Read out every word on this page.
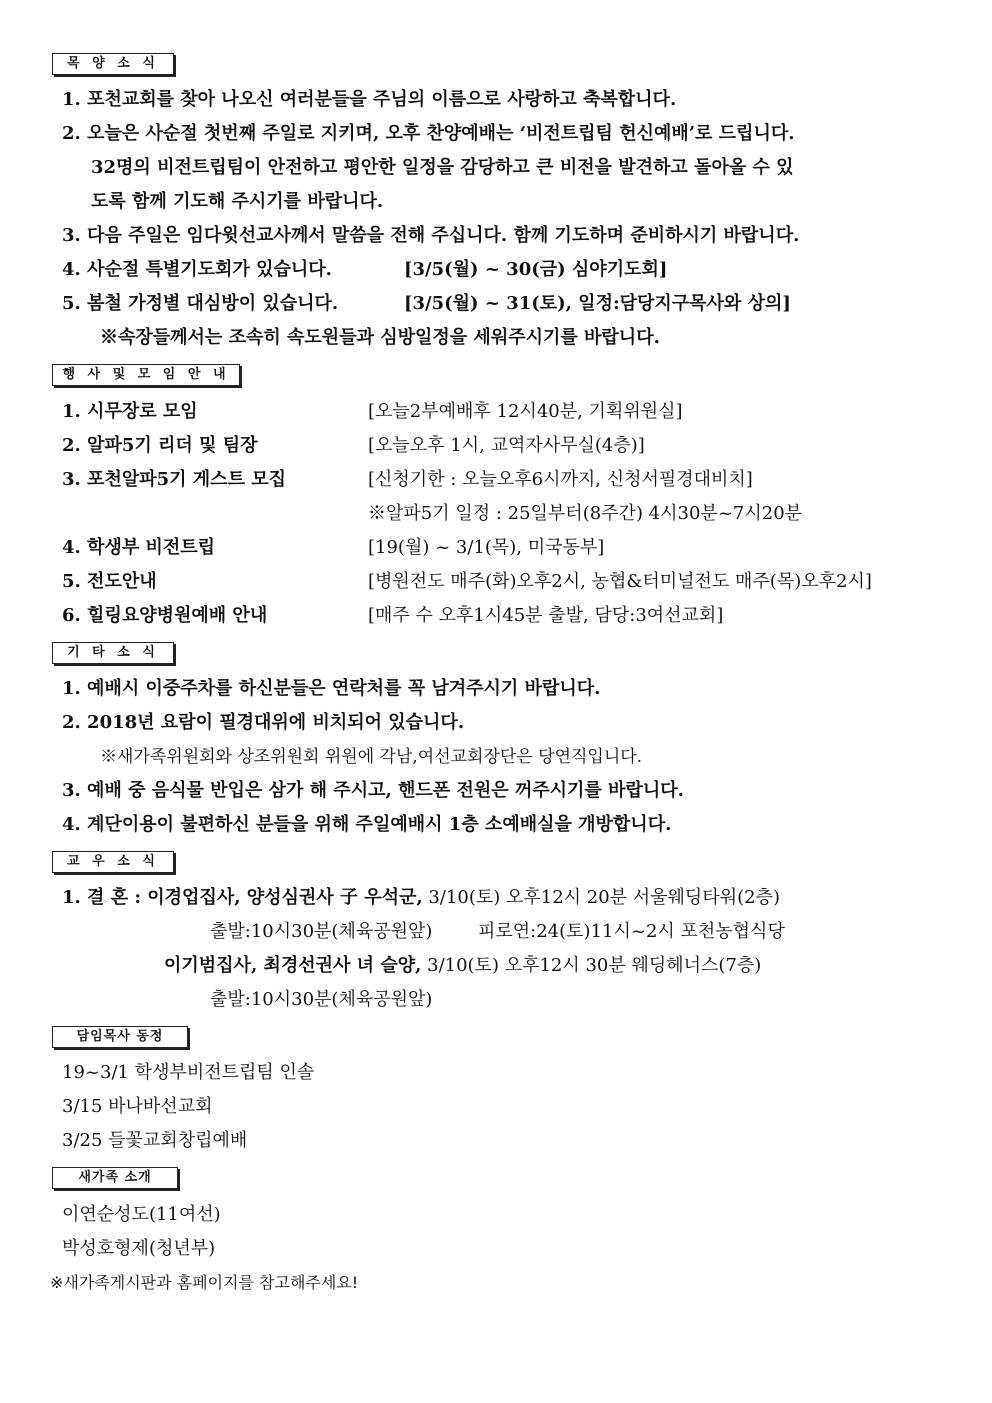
목 양 소 식
1. 포천교회를 찾아 나오신 여러분들을 주님의 이름으로 사랑하고 축복합니다.
2. 오늘은 사순절 첫번째 주일로 지키며, 오후 찬양예배는 ‘비전트립팀 헌신예배’로 드립니다.
32명의 비전트립팀이 안전하고 평안한 일정을 감당하고 큰 비전을 발견하고 돌아올 수 있
도록 함께 기도해 주시기를 바랍니다.
3. 다음 주일은 임다윗선교사께서 말씀을 전해 주십니다. 함께 기도하며 준비하시기 바랍니다.
4. 사순절 특별기도회가 있습니다.	[3/5(월) ~ 30(금) 심야기도회]
5. 봄철 가정별 대심방이 있습니다.	[3/5(월) ~ 31(토), 일정:담당지구목사와 상의]
※속장들께서는 조속히 속도원들과 심방일정을 세워주시기를 바랍니다.
행 사 및 모 임 안 내
1. 시무장로 모임	[오늘2부예배후 12시40분, 기획위원실]
2. 알파5기 리더 및 팀장	[오늘오후 1시, 교역자사무실(4층)]
3. 포천알파5기 게스트 모집	[신청기한 : 오늘오후6시까지, 신청서필경대비치]
※알파5기 일정 : 25일부터(8주간) 4시30분~7시20분
4. 학생부 비전트립	[19(월) ~ 3/1(목), 미국동부]
5. 전도안내	[병원전도 매주(화)오후2시, 농협&터미널전도 매주(목)오후2시]
6. 힐링요양병원예배 안내	[매주 수 오후1시45분 출발, 담당:3여선교회]
기 타 소 식
1. 예배시 이중주차를 하신분들은 연락처를 꼭 남겨주시기 바랍니다.
2. 2018년 요람이 필경대위에 비치되어 있습니다.
※새가족위원회와 상조위원회 위원에 각남,여선교회장단은 당연직입니다.
3. 예배 중 음식물 반입은 삼가 해 주시고, 핸드폰 전원은 꺼주시기를 바랍니다.
4. 계단이용이 불편하신 분들을 위해 주일예배시 1층 소예배실을 개방합니다.
교 우 소 식
1. 결 혼 : 이경업집사, 양성심권사 子 우석군, 3/10(토) 오후12시 20분 서울웨딩타워(2층)
출발:10시30분(체육공원앞)	피로연:24(토)11시~2시 포천농협식당
이기범집사, 최경선권사 녀 슬양, 3/10(토) 오후12시 30분 웨딩헤너스(7층)
출발:10시30분(체육공원앞)
담임목사 동정
19~3/1 학생부비전트립팀 인솔
3/15 바나바선교회
3/25 들꽃교회창립예배
새가족 소개
이연순성도(11여선)
박성호형제(청년부)
※새가족게시판과 홈페이지를 참고해주세요!
